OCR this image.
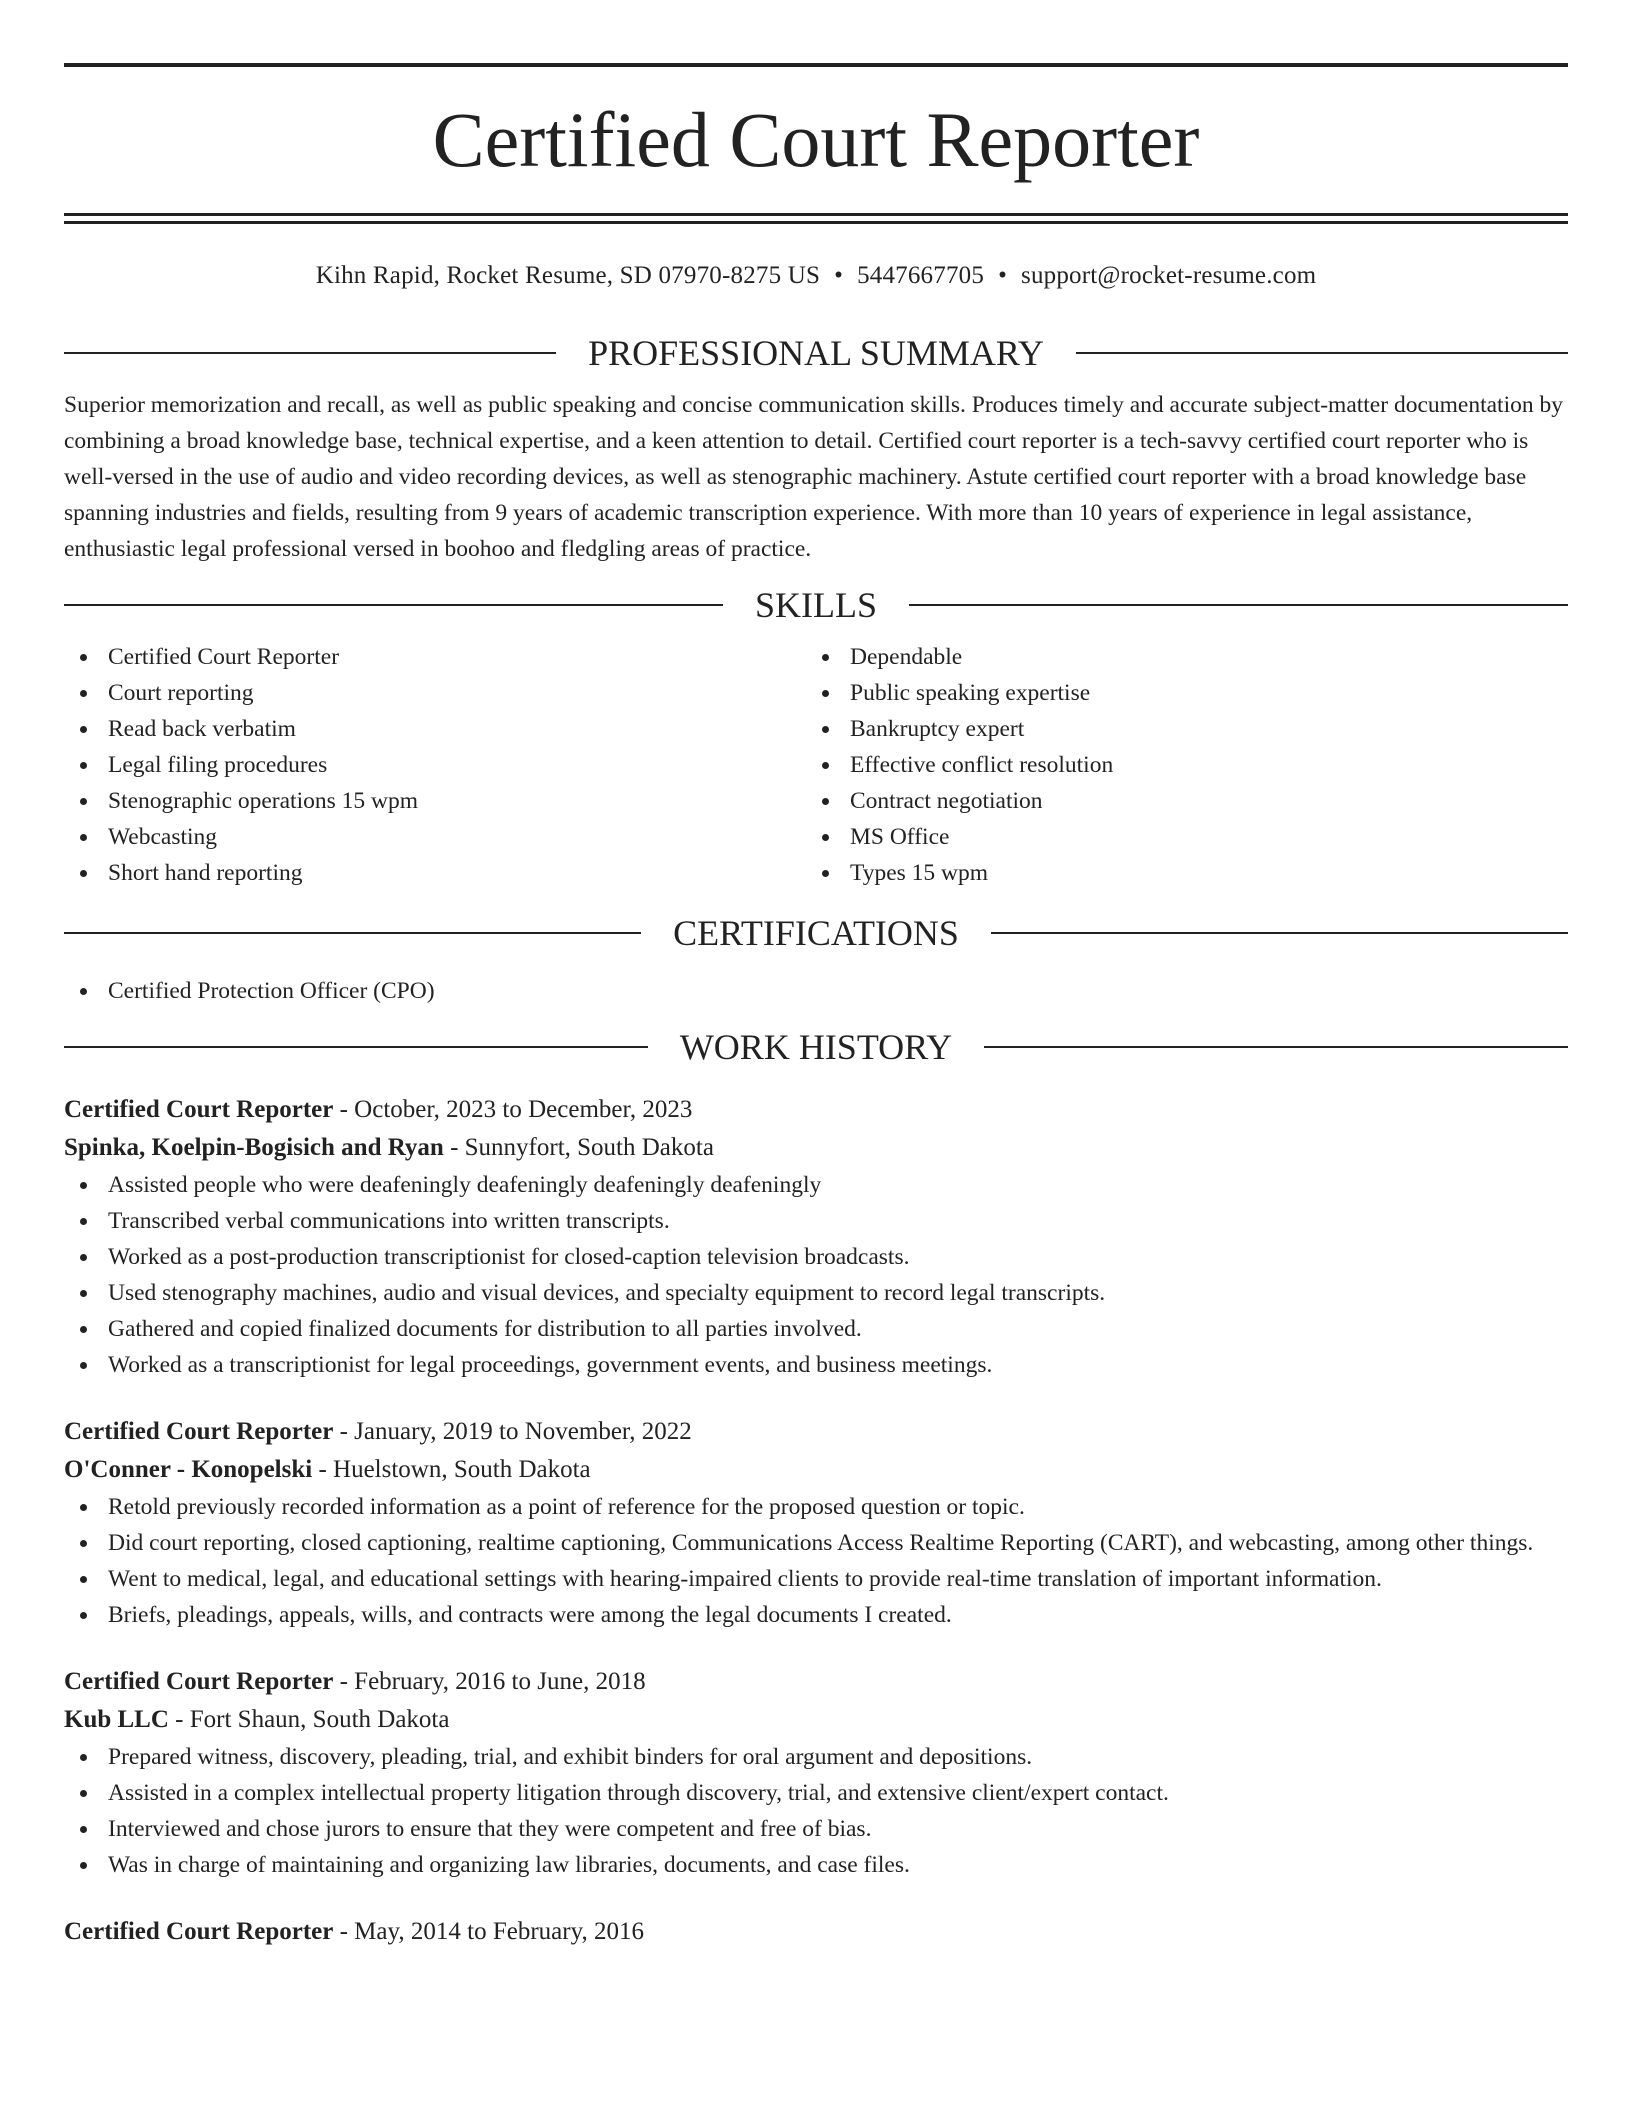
Certified Court Reporter
Kihn Rapid, Rocket Resume, SD 07970-8275 US • 5447667705 • support@rocket-resume.com
PROFESSIONAL SUMMARY

Superior memorization and recall, as well as public speaking and concise communication skills. Produces timely and accurate subject-matter documentation by combining a broad knowledge base, technical expertise, and a keen attention to detail. Certified court reporter is a tech-savvy certified court reporter who is well-versed in the use of audio and video recording devices, as well as stenographic machinery. Astute certified court reporter with a broad knowledge base spanning industries and fields, resulting from 9 years of academic transcription experience. With more than 10 years of experience in legal assistance, enthusiastic legal professional versed in boohoo and fledgling areas of practice.

SKILLS
Certified Court Reporter
Court reporting
Read back verbatim
Legal filing procedures
Stenographic operations 15 wpm
Webcasting
Short hand reporting
Dependable
Public speaking expertise
Bankruptcy expert
Effective conflict resolution
Contract negotiation
MS Office
Types 15 wpm
CERTIFICATIONS
Certified Protection Officer (CPO)
WORK HISTORY
Certified Court Reporter - October, 2023 to December, 2023
Spinka, Koelpin-Bogisich and Ryan - Sunnyfort, South Dakota
Assisted people who were deafeningly deafeningly deafeningly deafeningly
Transcribed verbal communications into written transcripts.
Worked as a post-production transcriptionist for closed-caption television broadcasts.
Used stenography machines, audio and visual devices, and specialty equipment to record legal transcripts.
Gathered and copied finalized documents for distribution to all parties involved.
Worked as a transcriptionist for legal proceedings, government events, and business meetings.
Certified Court Reporter - January, 2019 to November, 2022
O'Conner - Konopelski - Huelstown, South Dakota
Retold previously recorded information as a point of reference for the proposed question or topic.
Did court reporting, closed captioning, realtime captioning, Communications Access Realtime Reporting (CART), and webcasting, among other things.
Went to medical, legal, and educational settings with hearing-impaired clients to provide real-time translation of important information.
Briefs, pleadings, appeals, wills, and contracts were among the legal documents I created.
Certified Court Reporter - February, 2016 to June, 2018
Kub LLC - Fort Shaun, South Dakota
Prepared witness, discovery, pleading, trial, and exhibit binders for oral argument and depositions.
Assisted in a complex intellectual property litigation through discovery, trial, and extensive client/expert contact.
Interviewed and chose jurors to ensure that they were competent and free of bias.
Was in charge of maintaining and organizing law libraries, documents, and case files.
Certified Court Reporter - May, 2014 to February, 2016
